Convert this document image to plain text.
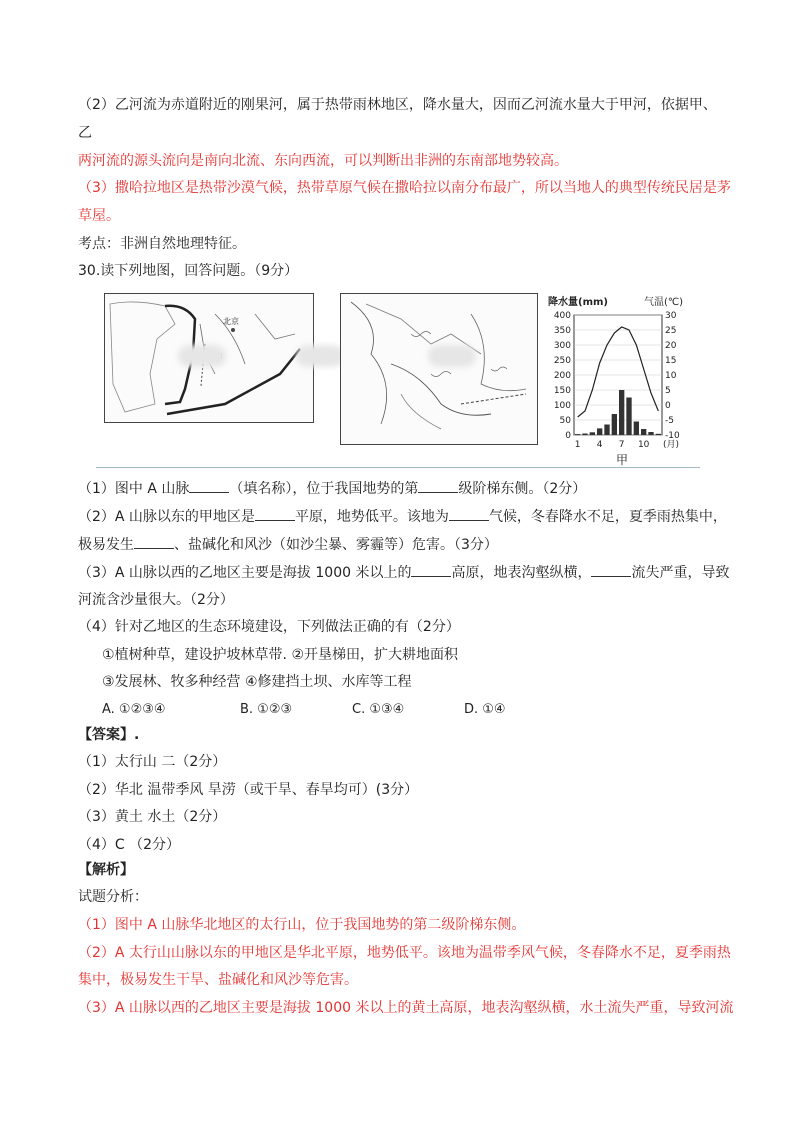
（2）乙河流为赤道附近的刚果河，属于热带雨林地区，降水量大，因而乙河流水量大于甲河，依据甲、
乙
两河流的源头流向是南向北流、东向西流，可以判断出非洲的东南部地势较高。
（3）撒哈拉地区是热带沙漠气候，热带草原气候在撒哈拉以南分布最广，所以当地人的典型传统民居是茅
草屋。
考点：非洲自然地理特征。
30.读下列地图，回答问题。（9分）
北京
降水量(mm)	气温(℃)
400
350
300
250
200
150
100
50
0
30
25
20
15
10
5
0
-5
-10
1 4 7 10 (月)
甲
（1）图中 A 山脉	（填名称），位于我国地势的第	级阶梯东侧。（2分）
（2）A 山脉以东的甲地区是	平原，地势低平。该地为	气候，冬春降水不足，夏季雨热集中，
极易发生	、盐碱化和风沙（如沙尘暴、雾霾等）危害。（3分）
（3）A 山脉以西的乙地区主要是海拔 1000 米以上的	高原，地表沟壑纵横，	流失严重，导致
河流含沙量很大。（2分）
（4）针对乙地区的生态环境建设，下列做法正确的有（2分）
①植树种草，建设护坡林草带. ②开垦梯田，扩大耕地面积
③发展林、牧多种经营 ④修建挡土坝、水库等工程
A. ①②③④	B. ①②③	C. ①③④	D. ①④
【答案】.
（1）太行山 二（2分）
（2）华北 温带季风 旱涝（或干旱、春旱均可）(3分）
（3）黄土 水土（2分）
（4）C （2分）
【解析】
试题分析：
（1）图中 A 山脉华北地区的太行山，位于我国地势的第二级阶梯东侧。
（2）A 太行山山脉以东的甲地区是华北平原，地势低平。该地为温带季风气候，冬春降水不足，夏季雨热
集中，极易发生干旱、盐碱化和风沙等危害。
（3）A 山脉以西的乙地区主要是海拔 1000 米以上的黄土高原，地表沟壑纵横，水土流失严重，导致河流
